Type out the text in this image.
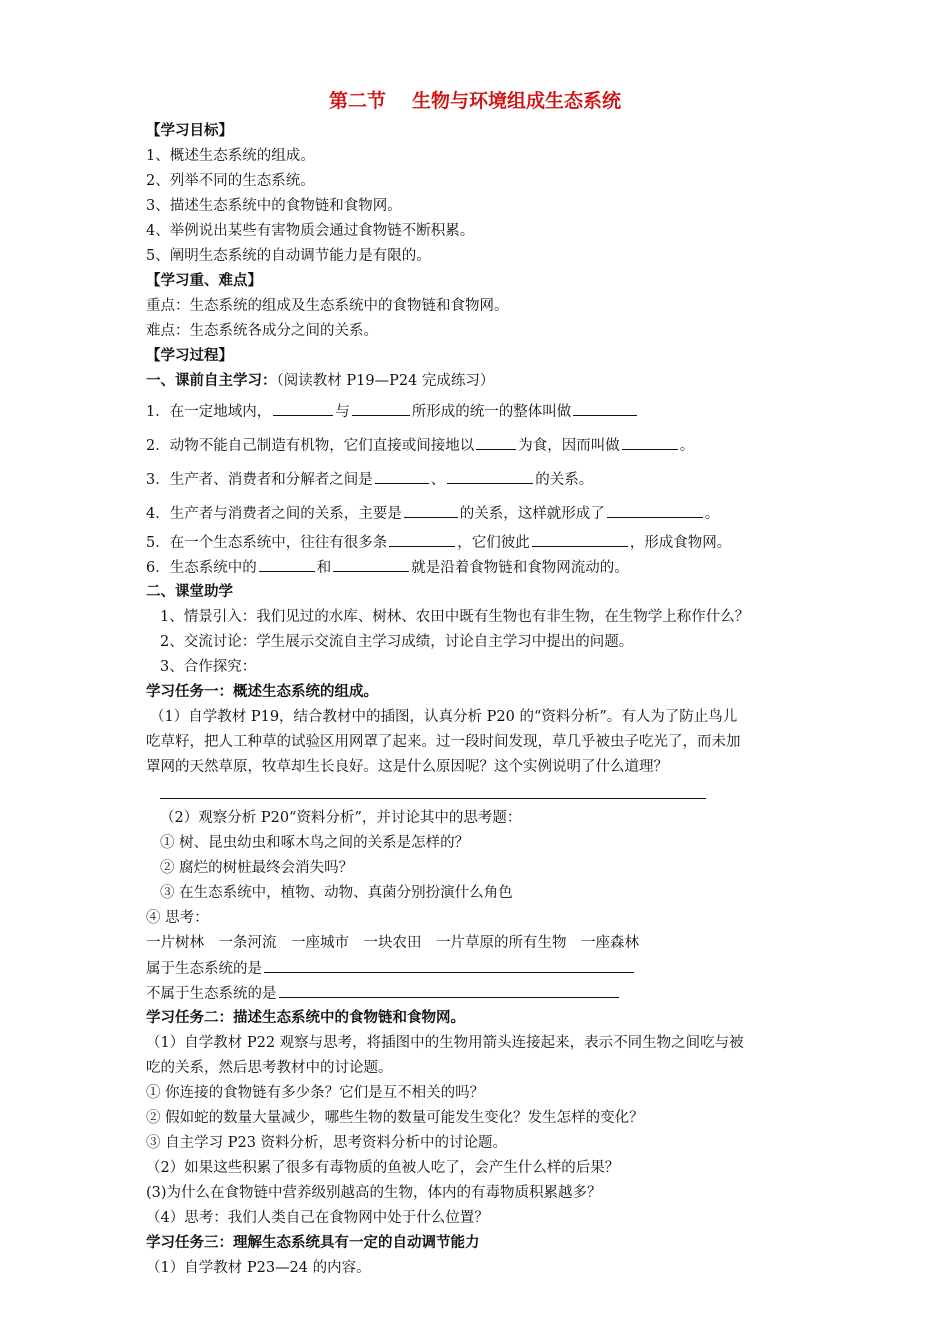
第二节 生物与环境组成生态系统
【学习目标】
1、概述生态系统的组成。
2、列举不同的生态系统。
3、描述生态系统中的食物链和食物网。
4、举例说出某些有害物质会通过食物链不断积累。
5、阐明生态系统的自动调节能力是有限的。
【学习重、难点】
重点：生态系统的组成及生态系统中的食物链和食物网。
难点：生态系统各成分之间的关系。
【学习过程】
一、课前自主学习：（阅读教材 P19—P24 完成练习）
1．在一定地域内，	与	所形成的统一的整体叫做
2．动物不能自己制造有机物，它们直接或间接地以	为食，因而叫做	。
3．生产者、消费者和分解者之间是	、	的关系。
4．生产者与消费者之间的关系，主要是	的关系，这样就形成了	。
5．在一个生态系统中，往往有很多条	，它们彼此	，形成食物网。
6．生态系统中的	和	就是沿着食物链和食物网流动的。
二、课堂助学
1、情景引入：我们见过的水库、树林、农田中既有生物也有非生物，在生物学上称作什么？
2、交流讨论：学生展示交流自主学习成绩，讨论自主学习中提出的问题。
3、合作探究：
学习任务一：概述生态系统的组成。
（1）自学教材 P19，结合教材中的插图，认真分析 P20 的“资料分析”。有人为了防止鸟儿
吃草籽，把人工种草的试验区用网罩了起来。过一段时间发现，草几乎被虫子吃光了，而未加
罩网的天然草原，牧草却生长良好。这是什么原因呢？这个实例说明了什么道理？
（2）观察分析 P20“资料分析”，并讨论其中的思考题：
① 树、昆虫幼虫和啄木鸟之间的关系是怎样的？
② 腐烂的树桩最终会消失吗？
③ 在生态系统中，植物、动物、真菌分别扮演什么角色
④ 思考：
一片树林　一条河流　一座城市　一块农田　一片草原的所有生物　一座森林
属于生态系统的是
不属于生态系统的是
学习任务二：描述生态系统中的食物链和食物网。
（1）自学教材 P22 观察与思考，将插图中的生物用箭头连接起来，表示不同生物之间吃与被
吃的关系，然后思考教材中的讨论题。
① 你连接的食物链有多少条？它们是互不相关的吗？
② 假如蛇的数量大量减少，哪些生物的数量可能发生变化？发生怎样的变化？
③ 自主学习 P23 资料分析，思考资料分析中的讨论题。
（2）如果这些积累了很多有毒物质的鱼被人吃了，会产生什么样的后果？
(3)为什么在食物链中营养级别越高的生物，体内的有毒物质积累越多？
（4）思考：我们人类自己在食物网中处于什么位置？
学习任务三：理解生态系统具有一定的自动调节能力
（1）自学教材 P23—24 的内容。
